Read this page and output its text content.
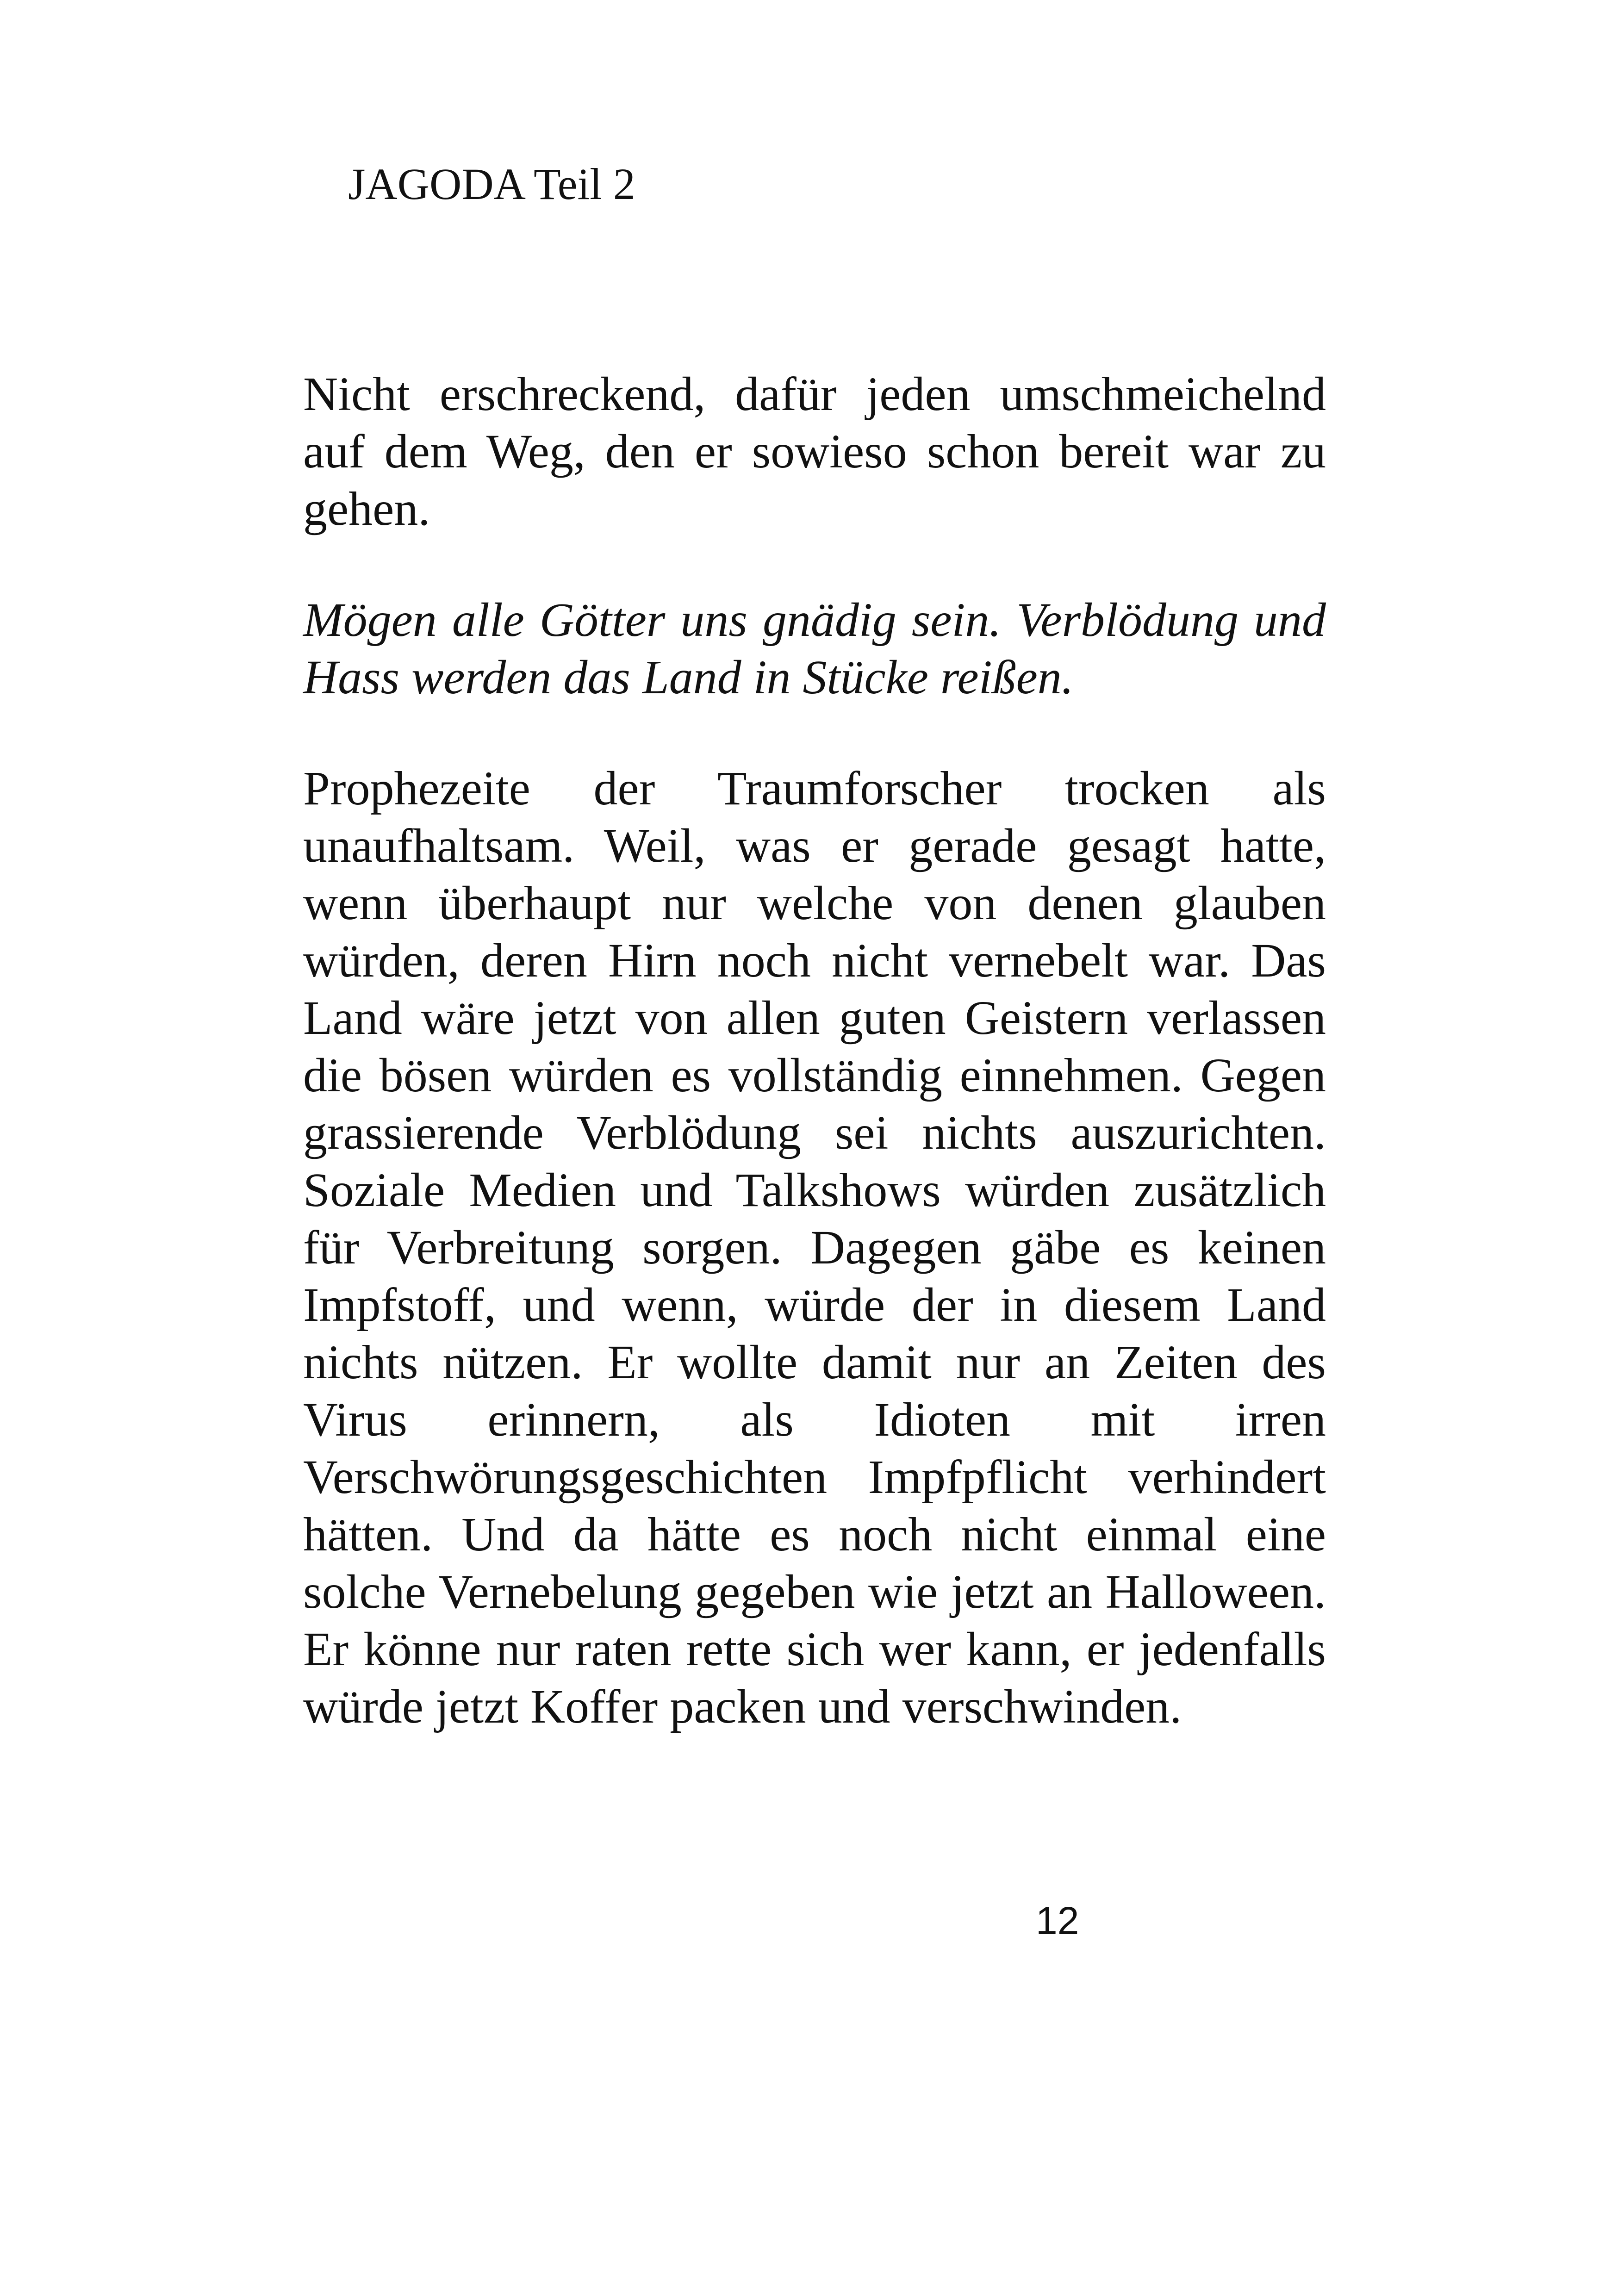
JAGODA Teil 2

Nicht erschreckend, dafür jeden umschmeichelnd auf dem Weg, den er sowieso schon bereit war zu gehen.

Mögen alle Götter uns gnädig sein. Verblödung und Hass werden das Land in Stücke reißen.

Prophezeite der Traumforscher trocken als unaufhaltsam. Weil, was er gerade gesagt hatte, wenn überhaupt nur welche von denen glauben würden, deren Hirn noch nicht vernebelt war. Das Land wäre jetzt von allen guten Geistern verlassen die bösen würden es vollständig einnehmen. Gegen grassierende Verblödung sei nichts auszurichten. Soziale Medien und Talkshows würden zusätzlich für Verbreitung sorgen. Dagegen gäbe es keinen Impfstoff, und wenn, würde der in diesem Land nichts nützen. Er wollte damit nur an Zeiten des Virus erinnern, als Idioten mit irren Verschwörungsgeschichten Impfpflicht verhindert hätten. Und da hätte es noch nicht einmal eine solche Vernebelung gegeben wie jetzt an Halloween. Er könne nur raten rette sich wer kann, er jedenfalls würde jetzt Koffer packen und verschwinden.

12
